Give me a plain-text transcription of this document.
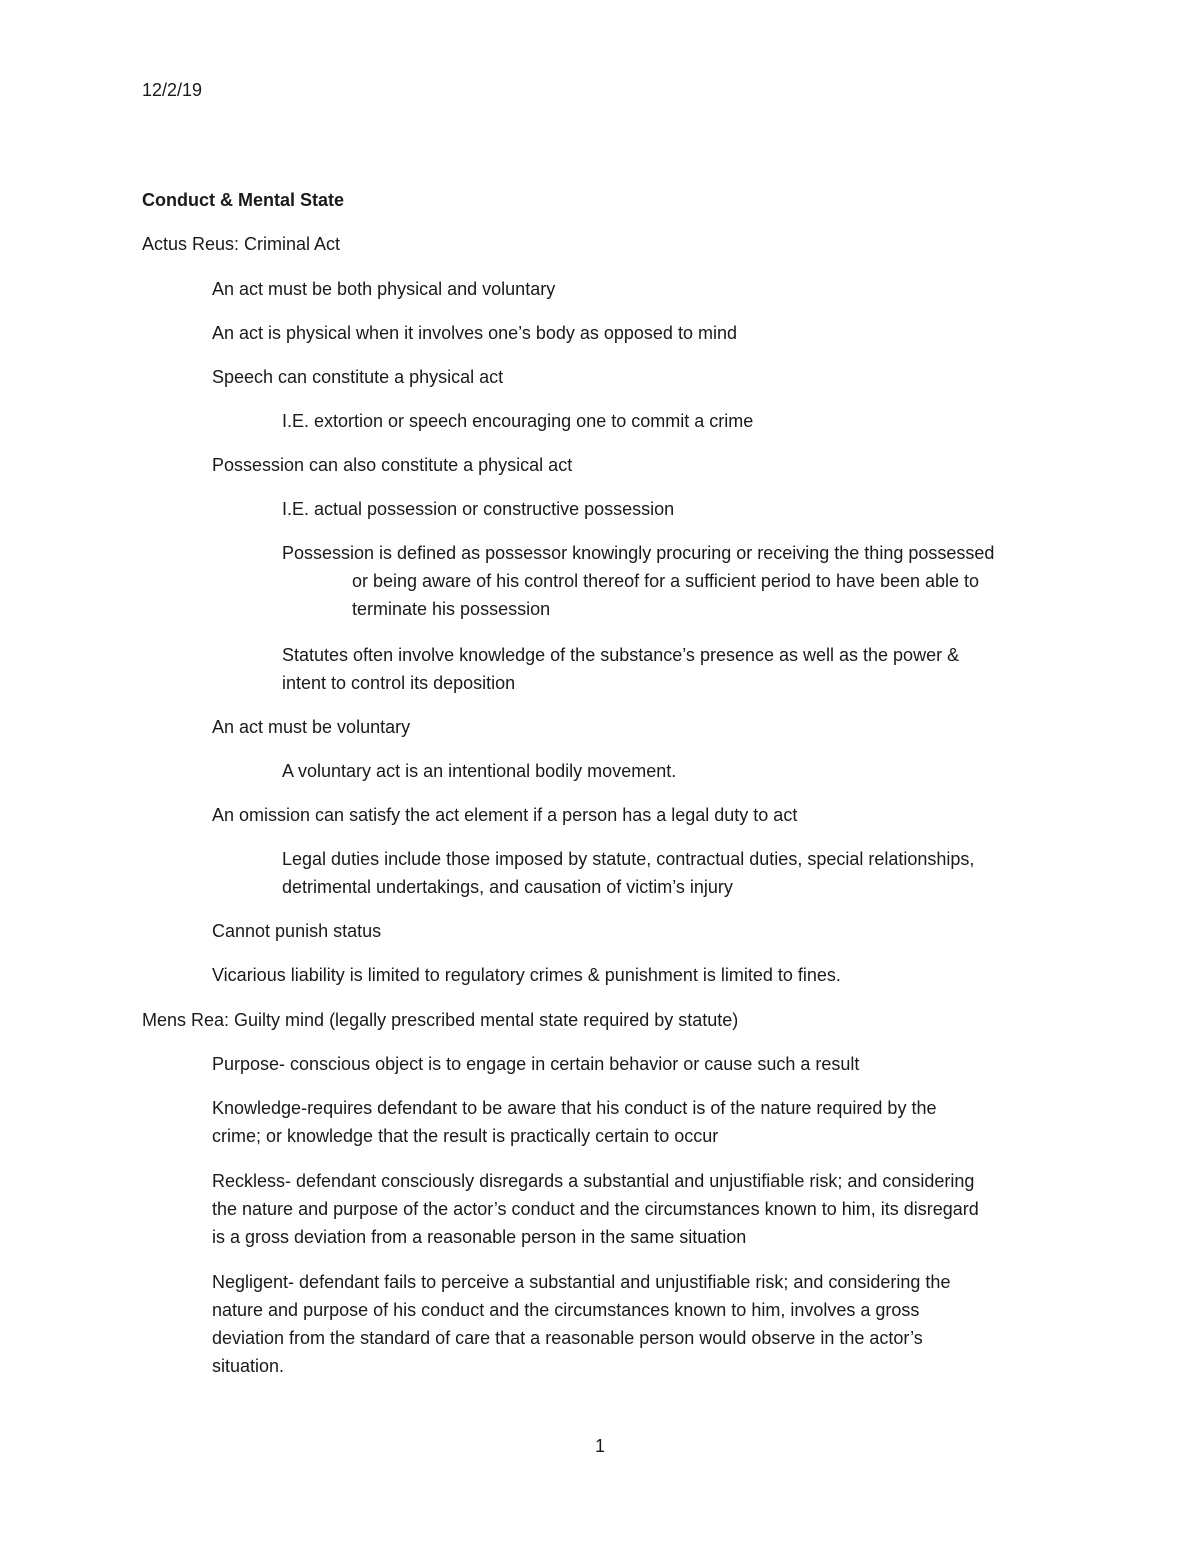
12/2/19
Conduct & Mental State
Actus Reus: Criminal Act
An act must be both physical and voluntary
An act is physical when it involves one’s body as opposed to mind
Speech can constitute a physical act
I.E. extortion or speech encouraging one to commit a crime
Possession can also constitute a physical act
I.E. actual possession or constructive possession
Possession is defined as possessor knowingly procuring or receiving the thing possessed
or being aware of his control thereof for a sufficient period to have been able to
terminate his possession
Statutes often involve knowledge of the substance’s presence as well as the power &
intent to control its deposition
An act must be voluntary
A voluntary act is an intentional bodily movement.
An omission can satisfy the act element if a person has a legal duty to act
Legal duties include those imposed by statute, contractual duties, special relationships,
detrimental undertakings, and causation of victim’s injury
Cannot punish status
Vicarious liability is limited to regulatory crimes & punishment is limited to fines.
Mens Rea: Guilty mind (legally prescribed mental state required by statute)
Purpose- conscious object is to engage in certain behavior or cause such a result
Knowledge-requires defendant to be aware that his conduct is of the nature required by the
crime; or knowledge that the result is practically certain to occur
Reckless- defendant consciously disregards a substantial and unjustifiable risk; and considering
the nature and purpose of the actor’s conduct and the circumstances known to him, its disregard
is a gross deviation from a reasonable person in the same situation
Negligent- defendant fails to perceive a substantial and unjustifiable risk; and considering the
nature and purpose of his conduct and the circumstances known to him, involves a gross
deviation from the standard of care that a reasonable person would observe in the actor’s
situation.
1
